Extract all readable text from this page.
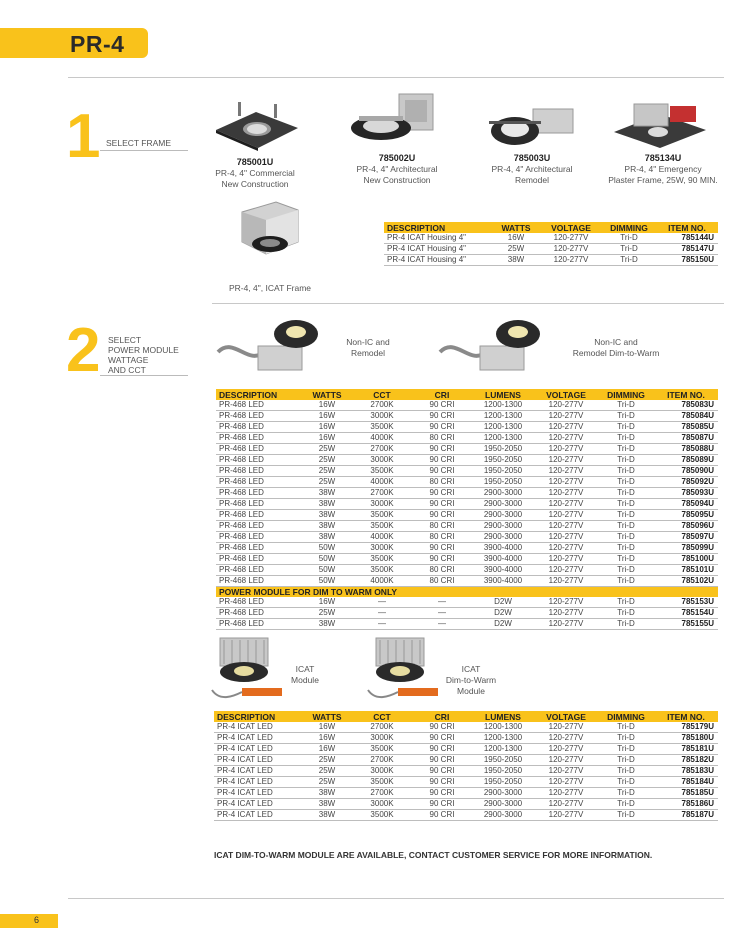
PR-4
1 SELECT FRAME
785001U
PR-4, 4" Commercial
New Construction
785002U
PR-4, 4" Architectural
New Construction
785003U
PR-4, 4" Architectural
Remodel
785134U
PR-4, 4" Emergency
Plaster Frame, 25W, 90 MIN.
PR-4, 4", ICAT Frame
DESCRIPTION	WATTS	VOLTAGE	DIMMING	ITEM NO.
PR-4 ICAT Housing 4"	16W	120-277V	Tri-D	785144U
PR-4 ICAT Housing 4"	25W	120-277V	Tri-D	785147U
PR-4 ICAT Housing 4"	38W	120-277V	Tri-D	785150U
2 SELECT
POWER MODULE
WATTAGE
AND CCT
Non-IC and
Remodel
Non-IC and
Remodel Dim-to-Warm
DESCRIPTION	WATTS	CCT	CRI	LUMENS	VOLTAGE	DIMMING	ITEM NO.
PR-468 LED	16W	2700K	90 CRI	1200-1300	120-277V	Tri-D	785083U
PR-468 LED	16W	3000K	90 CRI	1200-1300	120-277V	Tri-D	785084U
PR-468 LED	16W	3500K	90 CRI	1200-1300	120-277V	Tri-D	785085U
PR-468 LED	16W	4000K	80 CRI	1200-1300	120-277V	Tri-D	785087U
PR-468 LED	25W	2700K	90 CRI	1950-2050	120-277V	Tri-D	785088U
PR-468 LED	25W	3000K	90 CRI	1950-2050	120-277V	Tri-D	785089U
PR-468 LED	25W	3500K	90 CRI	1950-2050	120-277V	Tri-D	785090U
PR-468 LED	25W	4000K	80 CRI	1950-2050	120-277V	Tri-D	785092U
PR-468 LED	38W	2700K	90 CRI	2900-3000	120-277V	Tri-D	785093U
PR-468 LED	38W	3000K	90 CRI	2900-3000	120-277V	Tri-D	785094U
PR-468 LED	38W	3500K	90 CRI	2900-3000	120-277V	Tri-D	785095U
PR-468 LED	38W	3500K	80 CRI	2900-3000	120-277V	Tri-D	785096U
PR-468 LED	38W	4000K	80 CRI	2900-3000	120-277V	Tri-D	785097U
PR-468 LED	50W	3000K	90 CRI	3900-4000	120-277V	Tri-D	785099U
PR-468 LED	50W	3500K	90 CRI	3900-4000	120-277V	Tri-D	785100U
PR-468 LED	50W	3500K	80 CRI	3900-4000	120-277V	Tri-D	785101U
PR-468 LED	50W	4000K	80 CRI	3900-4000	120-277V	Tri-D	785102U
POWER MODULE FOR DIM TO WARM ONLY
PR-468 LED	16W	—	—	D2W	120-277V	Tri-D	785153U
PR-468 LED	25W	—	—	D2W	120-277V	Tri-D	785154U
PR-468 LED	38W	—	—	D2W	120-277V	Tri-D	785155U
ICAT
Module
ICAT
Dim-to-Warm
Module
DESCRIPTION	WATTS	CCT	CRI	LUMENS	VOLTAGE	DIMMING	ITEM NO.
PR-4 ICAT LED	16W	2700K	90 CRI	1200-1300	120-277V	Tri-D	785179U
PR-4 ICAT LED	16W	3000K	90 CRI	1200-1300	120-277V	Tri-D	785180U
PR-4 ICAT LED	16W	3500K	90 CRI	1200-1300	120-277V	Tri-D	785181U
PR-4 ICAT LED	25W	2700K	90 CRI	1950-2050	120-277V	Tri-D	785182U
PR-4 ICAT LED	25W	3000K	90 CRI	1950-2050	120-277V	Tri-D	785183U
PR-4 ICAT LED	25W	3500K	90 CRI	1950-2050	120-277V	Tri-D	785184U
PR-4 ICAT LED	38W	2700K	90 CRI	2900-3000	120-277V	Tri-D	785185U
PR-4 ICAT LED	38W	3000K	90 CRI	2900-3000	120-277V	Tri-D	785186U
PR-4 ICAT LED	38W	3500K	90 CRI	2900-3000	120-277V	Tri-D	785187U
ICAT DIM-TO-WARM MODULE ARE AVAILABLE, CONTACT CUSTOMER SERVICE FOR MORE INFORMATION.
6
